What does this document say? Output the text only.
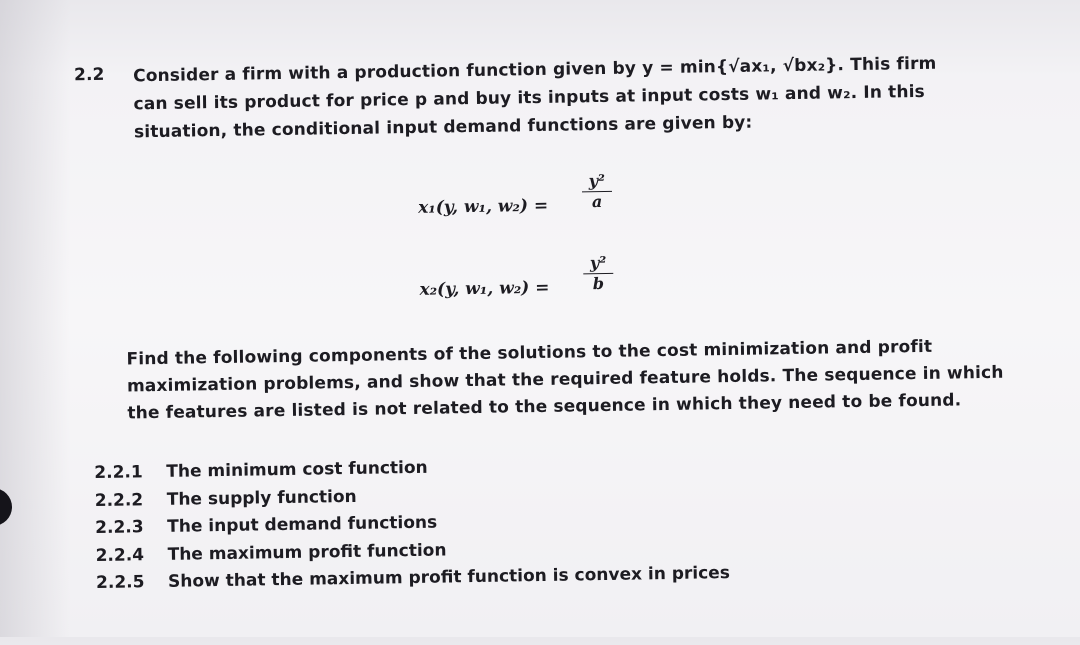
2.2 Consider a firm with a production function given by y = min{√ax₁, √bx₂}. This firm
can sell its product for price p and buy its inputs at input costs w₁ and w₂. In this
situation, the conditional input demand functions are given by:
x₁(y, w₁, w₂) =
y²
a
x₂(y, w₁, w₂) =
y²
b
Find the following components of the solutions to the cost minimization and profit
maximization problems, and show that the required feature holds. The sequence in which
the features are listed is not related to the sequence in which they need to be found.
2.2.1 The minimum cost function
2.2.2 The supply function
2.2.3 The input demand functions
2.2.4 The maximum profit function
2.2.5 Show that the maximum profit function is convex in prices
